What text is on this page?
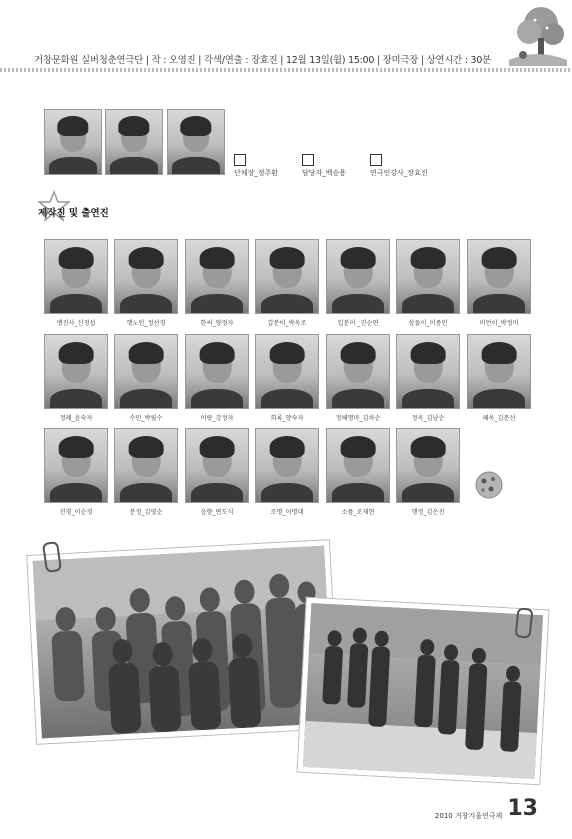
거창문화원 실버청춘연극단 | 작 : 오영진 | 각색/연출 : 장효진 | 12월 13일(월) 15:00 | 장미극장 | 상연시간 : 30분
단체장_정주환	담당자_백승용	연극인강사_장효진
제작진 및 출연진
맹진사_신정섭	행노인_정선경	한씨_양정자	갑분이_박옥조	입분이 _진순연	삼돌이_이종민	미언이_박정미
정례_윤숙자	수민_박필수	이랑_강정자	희록_양숙자	정해명마_김차순	정옥_김남순	혜옥_김문선
진경_이순경	분정_김영순	음향_변도식	조명_이명대	소품_조재현	행정_김은진
2010 거창겨울연극제 13
